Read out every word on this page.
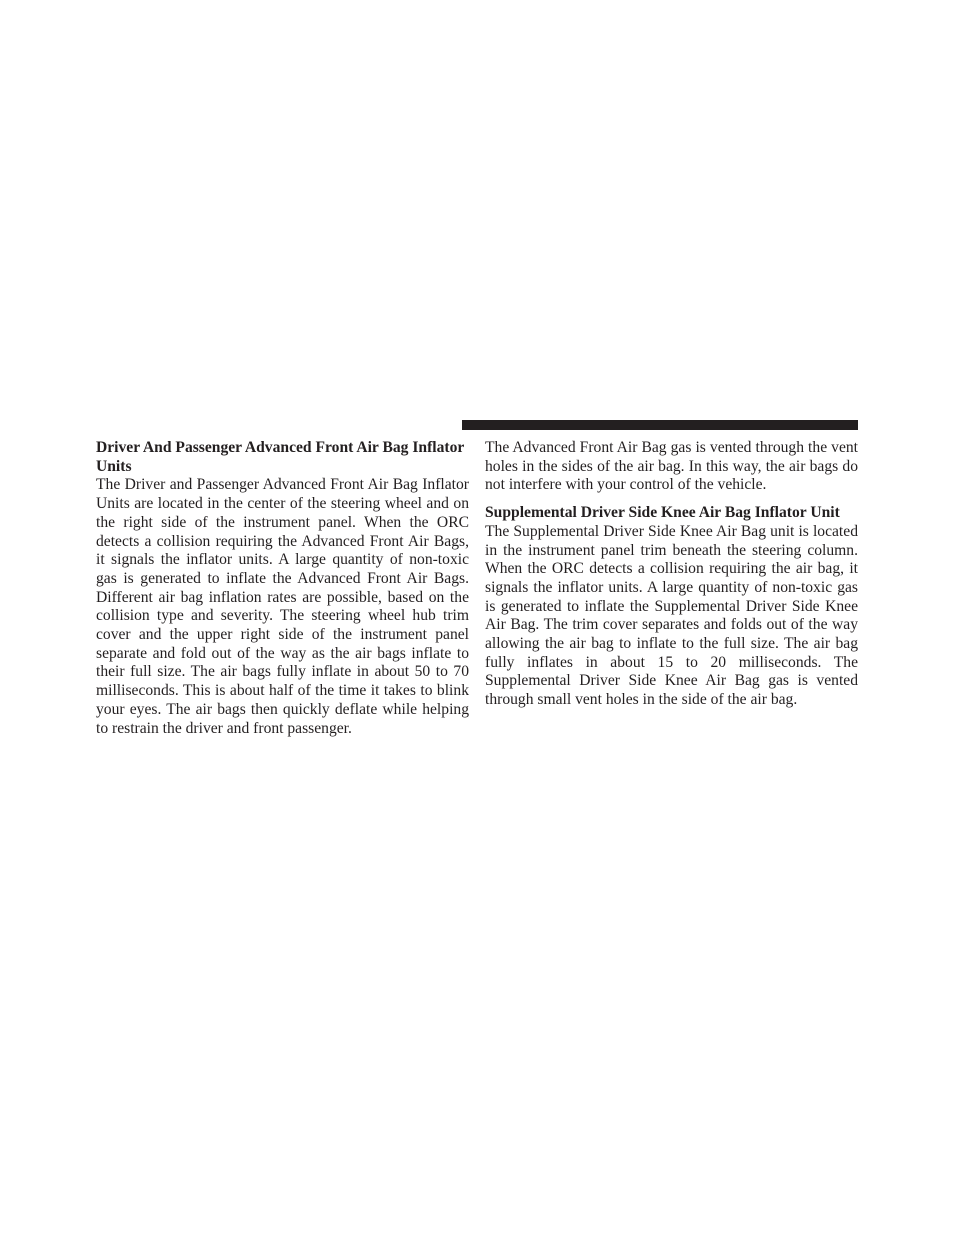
Driver And Passenger Advanced Front Air Bag Inflator Units

The Driver and Passenger Advanced Front Air Bag Inflator Units are located in the center of the steering wheel and on the right side of the instrument panel. When the ORC detects a collision requiring the Advanced Front Air Bags, it signals the inflator units. A large quantity of non-toxic gas is generated to inflate the Advanced Front Air Bags. Different air bag inflation rates are possible, based on the collision type and severity. The steering wheel hub trim cover and the upper right side of the instrument panel separate and fold out of the way as the air bags inflate to their full size. The air bags fully inflate in about 50 to 70 milliseconds. This is about half of the time it takes to blink your eyes. The air bags then quickly deflate while helping to restrain the driver and front passenger.

The Advanced Front Air Bag gas is vented through the vent holes in the sides of the air bag. In this way, the air bags do not interfere with your control of the vehicle.

Supplemental Driver Side Knee Air Bag Inflator Unit

The Supplemental Driver Side Knee Air Bag unit is located in the instrument panel trim beneath the steering column. When the ORC detects a collision requiring the air bag, it signals the inflator units. A large quantity of non-toxic gas is generated to inflate the Supplemental Driver Side Knee Air Bag. The trim cover separates and folds out of the way allowing the air bag to inflate to the full size. The air bag fully inflates in about 15 to 20 milliseconds. The Supplemental Driver Side Knee Air Bag gas is vented through small vent holes in the side of the air bag.
